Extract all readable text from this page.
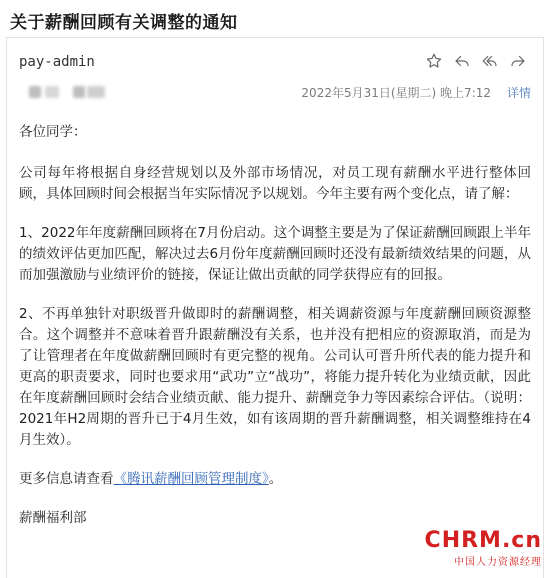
关于薪酬回顾有关调整的通知
pay-admin
2022年5月31日(星期二) 晚上7:12 详情

各位同学：

公司每年将根据自身经营规划以及外部市场情况，对员工现有薪酬水平进行整体回顾，具体回顾时间会根据当年实际情况予以规划。今年主要有两个变化点，请了解：

1、2022年年度薪酬回顾将在7月份启动。这个调整主要是为了保证薪酬回顾跟上半年的绩效评估更加匹配，解决过去6月份年度薪酬回顾时还没有最新绩效结果的问题，从而加强激励与业绩评价的链接，保证让做出贡献的同学获得应有的回报。

2、不再单独针对职级晋升做即时的薪酬调整，相关调薪资源与年度薪酬回顾资源整合。这个调整并不意味着晋升跟薪酬没有关系，也并没有把相应的资源取消，而是为了让管理者在年度做薪酬回顾时有更完整的视角。公司认可晋升所代表的能力提升和更高的职责要求，同时也要求用“武功”立“战功”，将能力提升转化为业绩贡献，因此在年度薪酬回顾时会结合业绩贡献、能力提升、薪酬竞争力等因素综合评估。（说明：2021年H2周期的晋升已于4月生效，如有该周期的晋升薪酬调整，相关调整维持在4月生效）。

更多信息请查看《腾讯薪酬回顾管理制度》。

薪酬福利部

CHRM.cn
中国人力资源经理
